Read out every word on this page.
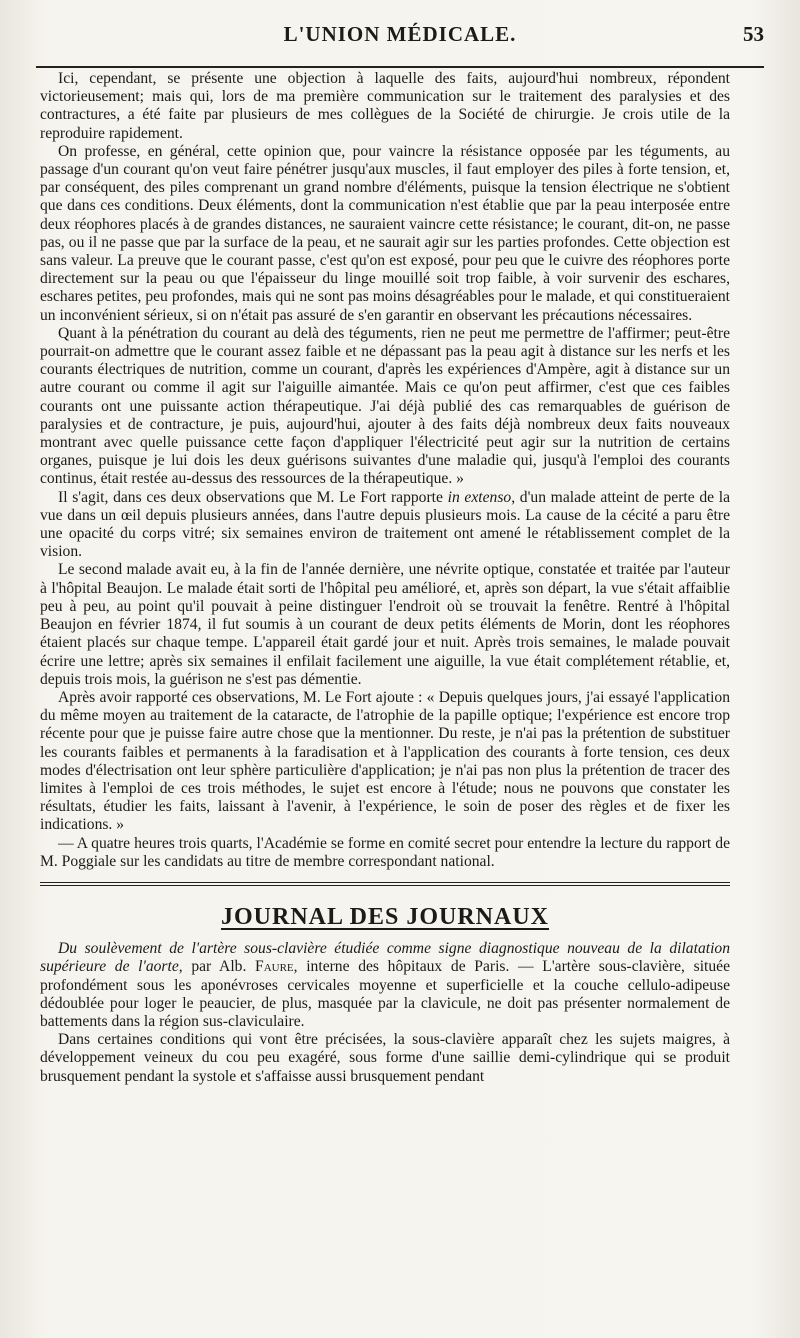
L'UNION MÉDICALE.	53

Ici, cependant, se présente une objection à laquelle des faits, aujourd'hui nombreux, répondent victorieusement; mais qui, lors de ma première communication sur le traitement des paralysies et des contractures, a été faite par plusieurs de mes collègues de la Société de chirurgie. Je crois utile de la reproduire rapidement.

On professe, en général, cette opinion que, pour vaincre la résistance opposée par les téguments, au passage d'un courant qu'on veut faire pénétrer jusqu'aux muscles, il faut employer des piles à forte tension, et, par conséquent, des piles comprenant un grand nombre d'éléments, puisque la tension électrique ne s'obtient que dans ces conditions. Deux éléments, dont la communication n'est établie que par la peau interposée entre deux réophores placés à de grandes distances, ne sauraient vaincre cette résistance; le courant, dit-on, ne passe pas, ou il ne passe que par la surface de la peau, et ne saurait agir sur les parties profondes. Cette objection est sans valeur. La preuve que le courant passe, c'est qu'on est exposé, pour peu que le cuivre des réophores porte directement sur la peau ou que l'épaisseur du linge mouillé soit trop faible, à voir survenir des eschares, eschares petites, peu profondes, mais qui ne sont pas moins désagréables pour le malade, et qui constitueraient un inconvénient sérieux, si on n'était pas assuré de s'en garantir en observant les précautions nécessaires.

Quant à la pénétration du courant au delà des téguments, rien ne peut me permettre de l'affirmer; peut-être pourrait-on admettre que le courant assez faible et ne dépassant pas la peau agit à distance sur les nerfs et les courants électriques de nutrition, comme un courant, d'après les expériences d'Ampère, agit à distance sur un autre courant ou comme il agit sur l'aiguille aimantée. Mais ce qu'on peut affirmer, c'est que ces faibles courants ont une puissante action thérapeutique. J'ai déjà publié des cas remarquables de guérison de paralysies et de contracture, je puis, aujourd'hui, ajouter à des faits déjà nombreux deux faits nouveaux montrant avec quelle puissance cette façon d'appliquer l'électricité peut agir sur la nutrition de certains organes, puisque je lui dois les deux guérisons suivantes d'une maladie qui, jusqu'à l'emploi des courants continus, était restée au-dessus des ressources de la thérapeutique. »

Il s'agit, dans ces deux observations que M. Le Fort rapporte in extenso, d'un malade atteint de perte de la vue dans un œil depuis plusieurs années, dans l'autre depuis plusieurs mois. La cause de la cécité a paru être une opacité du corps vitré; six semaines environ de traitement ont amené le rétablissement complet de la vision.

Le second malade avait eu, à la fin de l'année dernière, une névrite optique, constatée et traitée par l'auteur à l'hôpital Beaujon. Le malade était sorti de l'hôpital peu amélioré, et, après son départ, la vue s'était affaiblie peu à peu, au point qu'il pouvait à peine distinguer l'endroit où se trouvait la fenêtre. Rentré à l'hôpital Beaujon en février 1874, il fut soumis à un courant de deux petits éléments de Morin, dont les réophores étaient placés sur chaque tempe. L'appareil était gardé jour et nuit. Après trois semaines, le malade pouvait écrire une lettre; après six semaines il enfilait facilement une aiguille, la vue était complétement rétablie, et, depuis trois mois, la guérison ne s'est pas démentie.

Après avoir rapporté ces observations, M. Le Fort ajoute : « Depuis quelques jours, j'ai essayé l'application du même moyen au traitement de la cataracte, de l'atrophie de la papille optique; l'expérience est encore trop récente pour que je puisse faire autre chose que la mentionner. Du reste, je n'ai pas la prétention de substituer les courants faibles et permanents à la faradisation et à l'application des courants à forte tension, ces deux modes d'électrisation ont leur sphère particulière d'application; je n'ai pas non plus la prétention de tracer des limites à l'emploi de ces trois méthodes, le sujet est encore à l'étude; nous ne pouvons que constater les résultats, étudier les faits, laissant à l'avenir, à l'expérience, le soin de poser des règles et de fixer les indications. »

— A quatre heures trois quarts, l'Académie se forme en comité secret pour entendre la lecture du rapport de M. Poggiale sur les candidats au titre de membre correspondant national.

JOURNAL DES JOURNAUX

Du soulèvement de l'artère sous-clavière étudiée comme signe diagnostique nouveau de la dilatation supérieure de l'aorte, par Alb. Faure, interne des hôpitaux de Paris. — L'artère sous-clavière, située profondément sous les aponévroses cervicales moyenne et superficielle et la couche cellulo-adipeuse dédoublée pour loger le peaucier, de plus, masquée par la clavicule, ne doit pas présenter normalement de battements dans la région sus-claviculaire.

Dans certaines conditions qui vont être précisées, la sous-clavière apparaît chez les sujets maigres, à développement veineux du cou peu exagéré, sous forme d'une saillie demi-cylindrique qui se produit brusquement pendant la systole et s'affaisse aussi brusquement pendant
